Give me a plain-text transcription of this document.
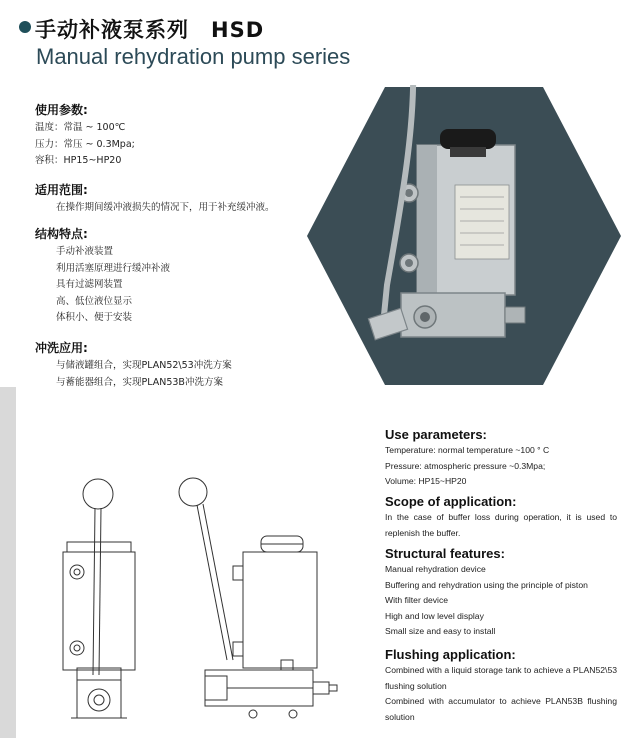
手动补液泵系列　HSD
Manual rehydration pump series
使用参数:
温度：常温 ~ 100℃
压力：常压 ~ 0.3Mpa;
容积：HP15~HP20
适用范围:
在操作期间缓冲液损失的情况下，用于补充缓冲液。
结构特点:
手动补液装置
利用活塞原理进行缓冲补液
具有过滤网装置
高、低位液位显示
体积小、便于安装
冲洗应用:
与储液罐组合，实现PLAN52\53冲洗方案
与蓄能器组合，实现PLAN53B冲洗方案
Use parameters:
Temperature: normal temperature ~100 ° C
Pressure: atmospheric pressure ~0.3Mpa;
Volume: HP15~HP20
Scope of application:
In the case of buffer loss during operation, it is used to replenish the buffer.
Structural features:
Manual rehydration device
Buffering and rehydration using the principle of piston
With filter device
High and low level display
Small size and easy to install
Flushing application:
Combined with a liquid storage tank to achieve a PLAN52\53 flushing solution
Combined with accumulator to achieve PLAN53B flushing solution
